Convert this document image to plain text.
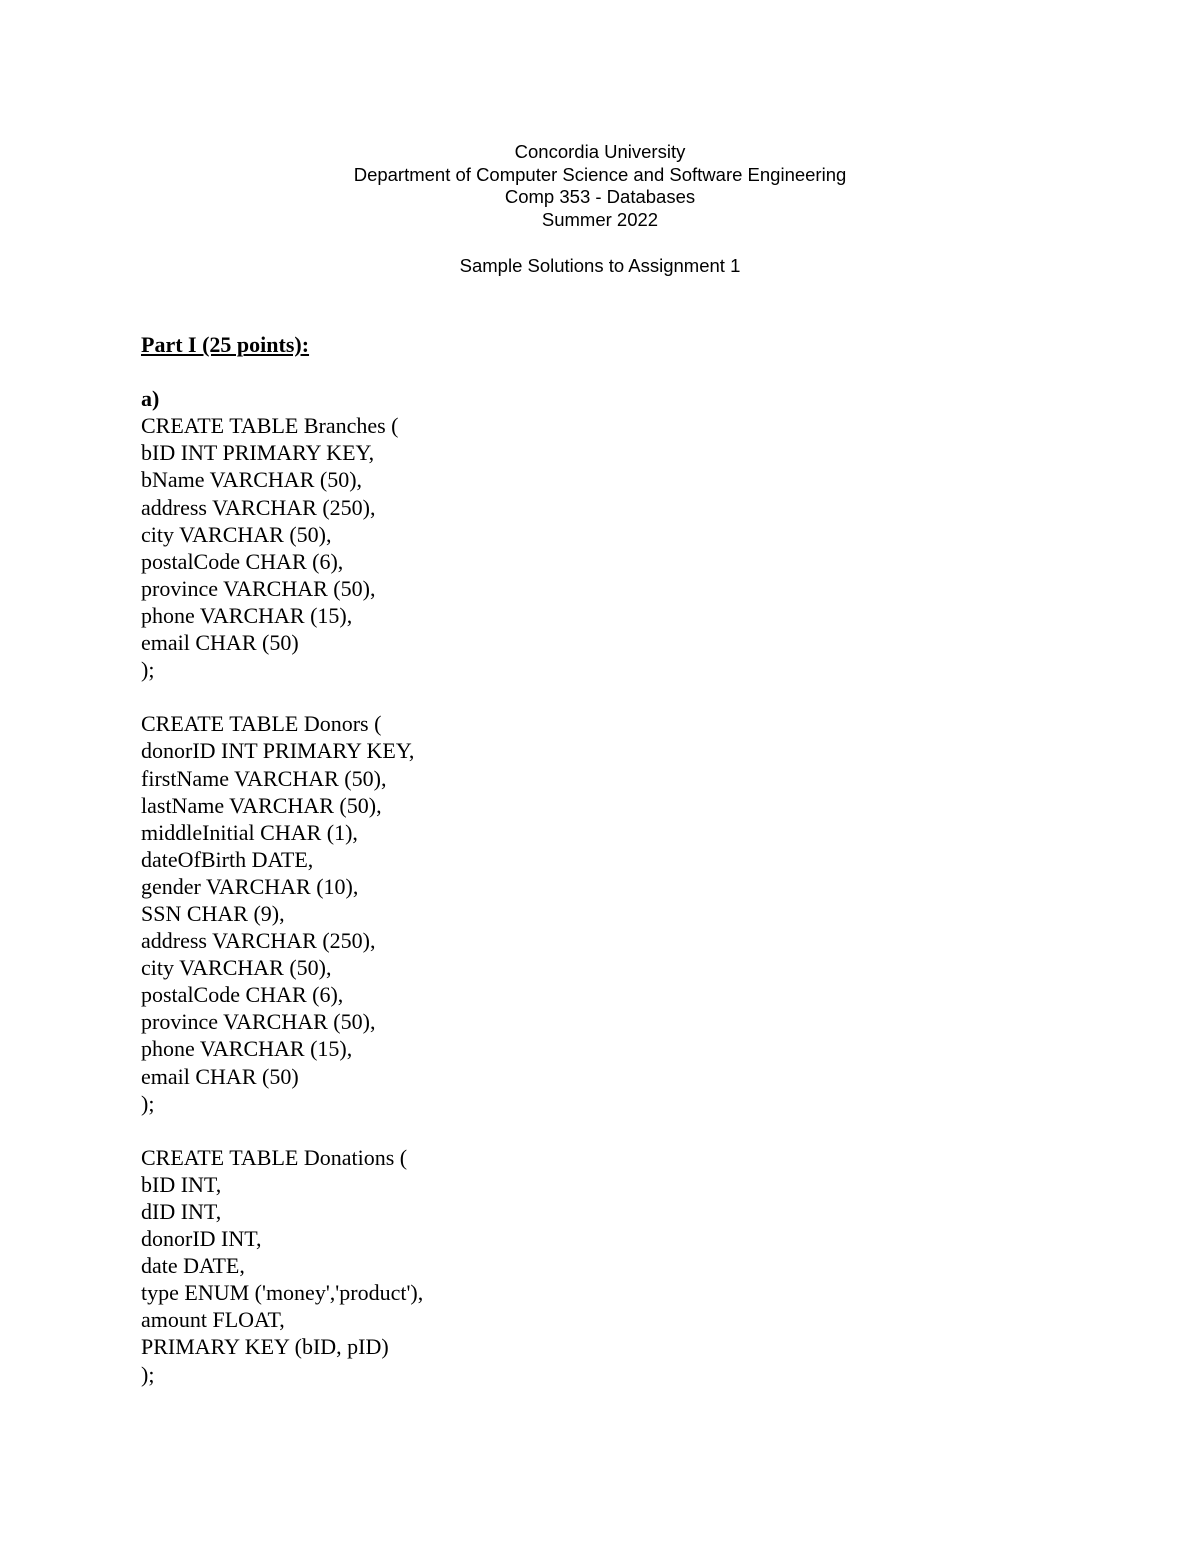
Concordia University
Department of Computer Science and Software Engineering
Comp 353 - Databases
Summer 2022
Sample Solutions to Assignment 1
Part I (25 points):
a)
CREATE TABLE Branches (
bID INT PRIMARY KEY,
bName VARCHAR (50),
address VARCHAR (250),
city VARCHAR (50),
postalCode CHAR (6),
province VARCHAR (50),
phone VARCHAR (15),
email CHAR (50)
);
CREATE TABLE Donors (
donorID INT PRIMARY KEY,
firstName VARCHAR (50),
lastName VARCHAR (50),
middleInitial CHAR (1),
dateOfBirth DATE,
gender VARCHAR (10),
SSN CHAR (9),
address VARCHAR (250),
city VARCHAR (50),
postalCode CHAR (6),
province VARCHAR (50),
phone VARCHAR (15),
email CHAR (50)
);
CREATE TABLE Donations (
bID INT,
dID INT,
donorID INT,
date DATE,
type ENUM ('money','product'),
amount FLOAT,
PRIMARY KEY (bID, pID)
);
